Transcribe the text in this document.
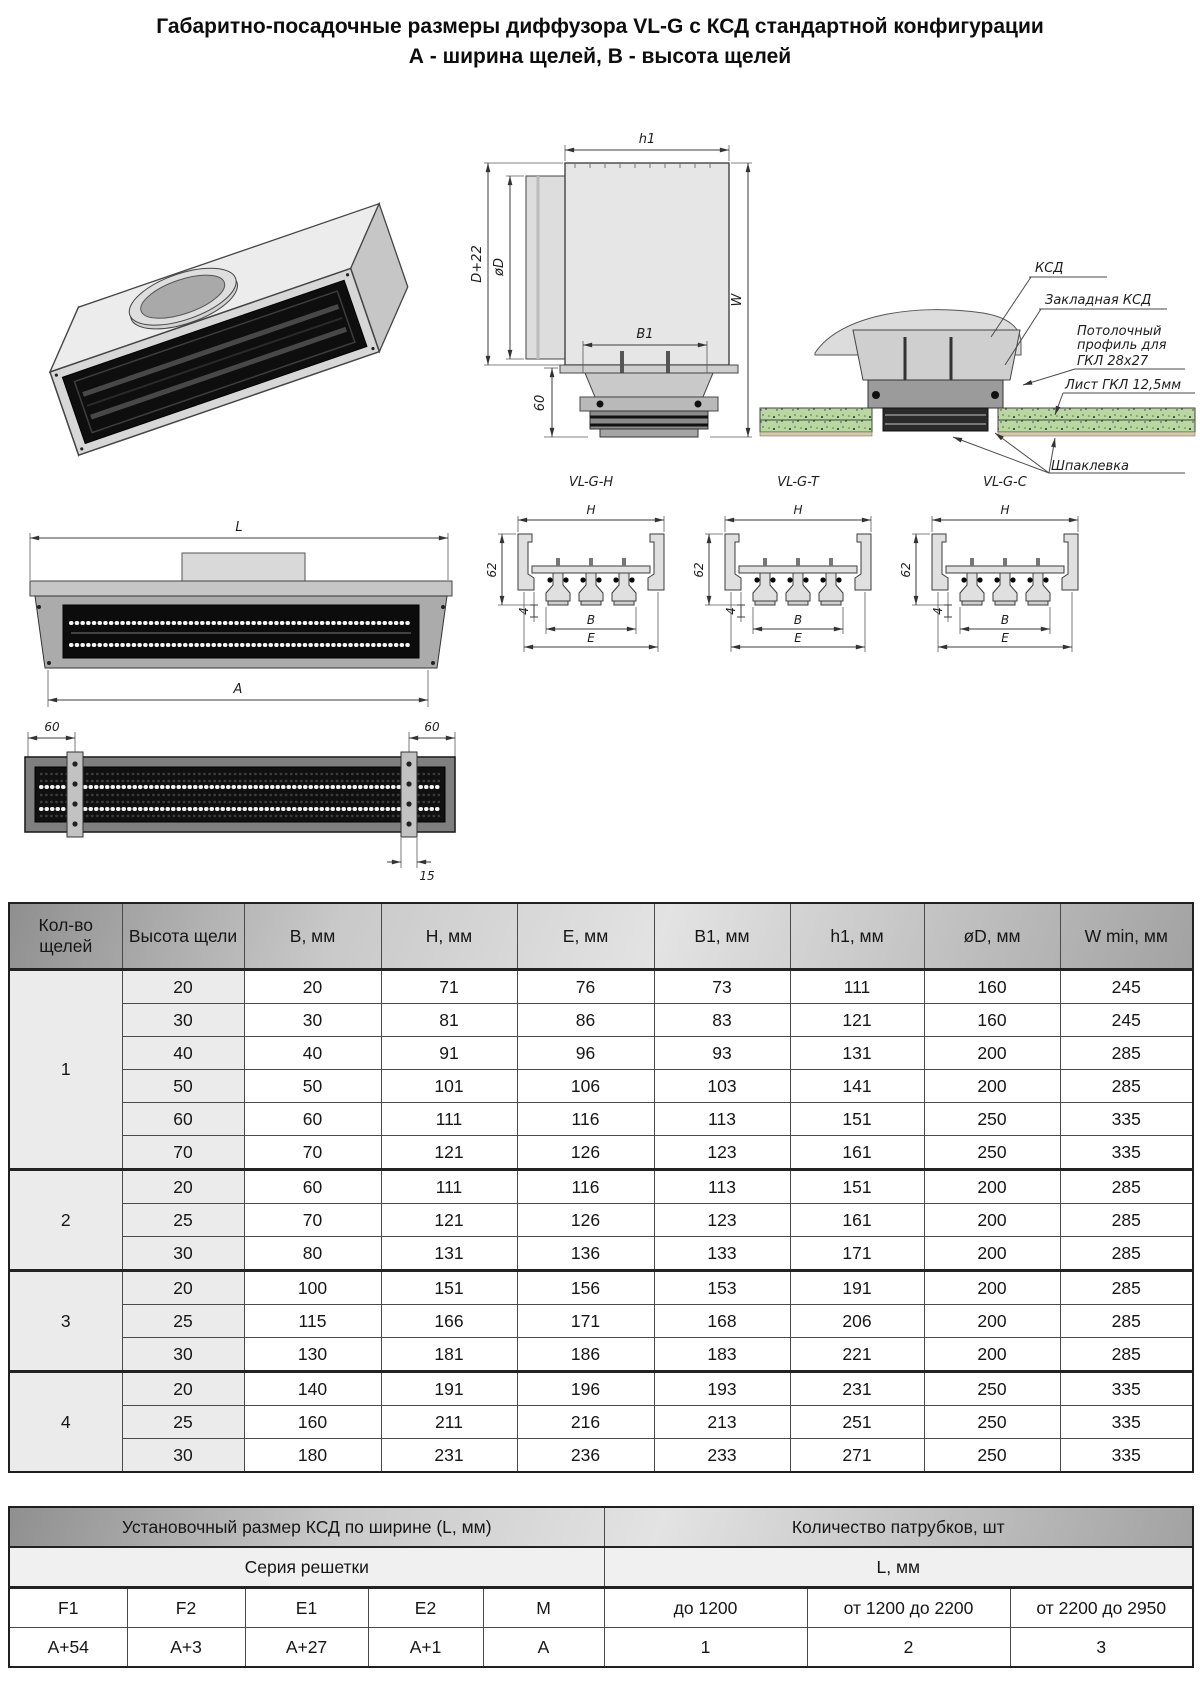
Габаритно-посадочные размеры диффузора VL-G с КСД стандартной конфигурации
А - ширина щелей, В - высота щелей
h1
W
D+22 øD
B1
60
КСД
Закладная КСД
Потолочный
профиль для
ГКЛ 28х27
Лист ГКЛ 12,5мм
Шпаклевка
L
A
VL-G-H
H
62
4
B
E
VL-G-T
H
62
4
B
E
VL-G-C
H
62
4
B
E
60	60
15
Кол-во щелей	Высота щели	B, мм	H, мм	E, мм	B1, мм	h1, мм	øD, мм	W min, мм
1	20	20	71	76	73	111	160	245
	30	30	81	86	83	121	160	245
	40	40	91	96	93	131	200	285
	50	50	101	106	103	141	200	285
	60	60	111	116	113	151	250	335
	70	70	121	126	123	161	250	335
2	20	60	111	116	113	151	200	285
	25	70	121	126	123	161	200	285
	30	80	131	136	133	171	200	285
3	20	100	151	156	153	191	200	285
	25	115	166	171	168	206	200	285
	30	130	181	186	183	221	200	285
4	20	140	191	196	193	231	250	335
	25	160	211	216	213	251	250	335
	30	180	231	236	233	271	250	335
Установочный размер КСД по ширине (L, мм)					Количество патрубков, шт		
Серия решетки					L, мм		
F1	F2	E1	E2	M	до 1200	от 1200 до 2200	от 2200 до 2950
A+54	A+3	A+27	A+1	A	1	2	3
